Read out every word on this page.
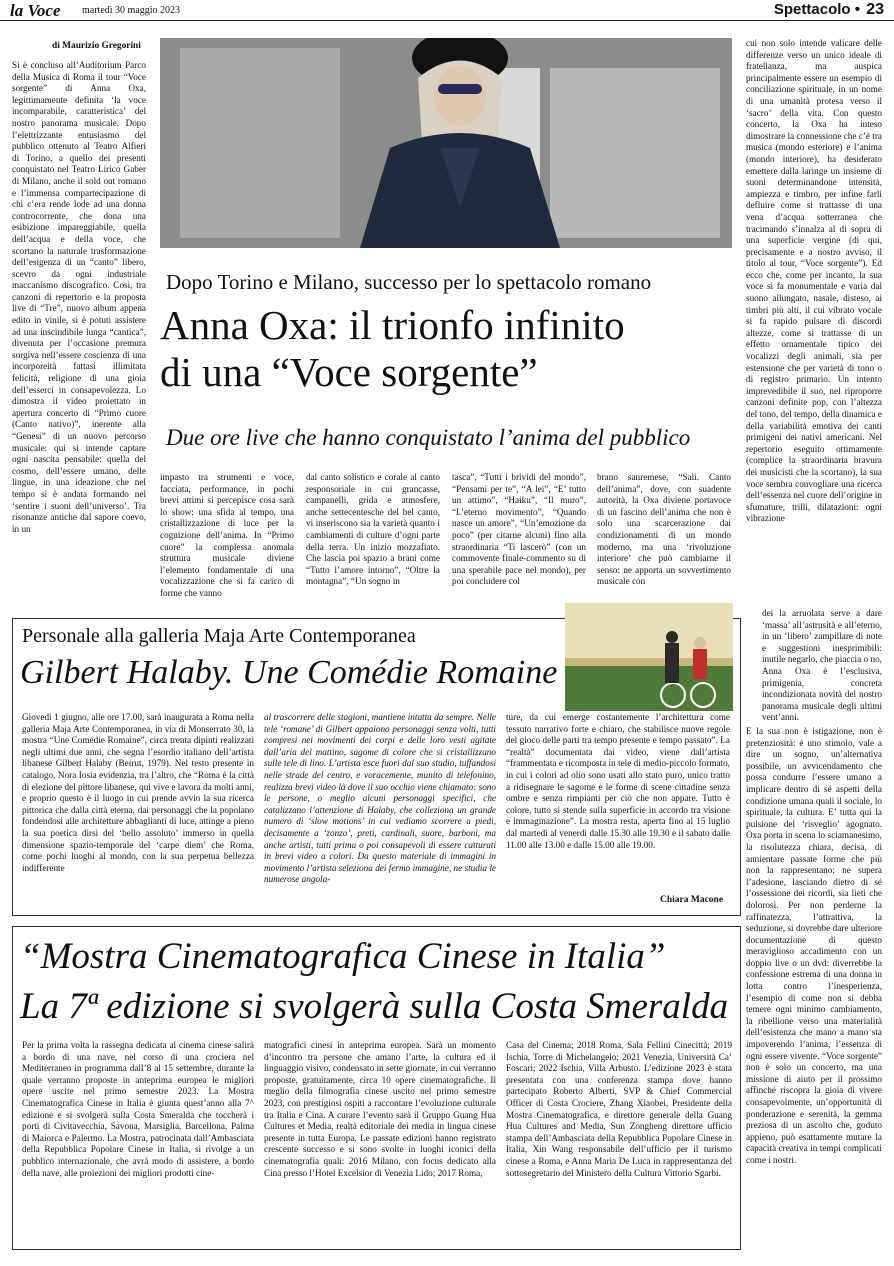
la Voce martedì 30 maggio 2023	Spettacolo • 23
di Maurizio Gregorini
Dopo Torino e Milano, successo per lo spettacolo romano
Anna Oxa: il trionfo infinito
di una “Voce sorgente”
Due ore live che hanno conquistato l’anima del pubblico
Si è concluso all’Auditorium Parco della Musica di Roma il tour “Voce sorgente” di Anna Oxa, legittimamente definita ‘la voce incomparabile, caratteristica’ del nostro panorama musicale. Dopo l’elettrizzante entusiasmo del pubblico ottenuto al Teatro Alfieri di Torino, a quello dei presenti conquistato nel Teatro Lirico Gaber di Milano, anche il sold out romano e l’immensa compartecipazione di chi c’era rende lode ad una donna controcorrente, che dona una esibizione impareggiabile, quella dell’acqua e della voce, che scortano la naturale trasformazione dell’esigenza di un “canto” libero, scevro da ogni industriale maccanismo discografico. Così, tra canzoni di repertorio e la proposta live di “Tre”, nuovo album appena edito in vinile, si è potuti assistere ad una inscindibile lunga “cantica”, divenuta per l’occasione premura sorgiva nell’essere coscienza di una incorporeità fattasi illimitata felicità, religione di una gioia dell’esserci in consapevolezza. Lo dimostra il video proiettato in apertura concerto di “Primo cuore (Canto nativo)”, inerente alla “Genesi” di un nuovo percorso musicale: qui si intende captare ogni nascita pensabile: quella del cosmo, dell’essere umano, delle lingue, in una ideazione che nel tempo si è andata formando nel ‘sentire i suoni dell’universo’. Tra risonanze antiche dal sapore coevo, in un
impasto tra strumenti e voce, facciata, performance, in pochi brevi attimi si percepisce cosa sarà lo show: una sfida al tempo, una cristallizzazione di luce per la cognizione dell’anima. In “Primo cuore” la complessa anomala struttura musicale diviene l’elemento fondamentale di una vocalizzazione che si fa carico di forme che vanno
dal canto solistico e corale al canto responsoriale in cui grancasse, campanelli, grida e atmosfere, anche settecentesche del bel canto, vi inseriscono sia la varietà quanto i cambiamenti di culture d’ogni parte della terra. Un inizio mozzafiato. Che lascia poi spazio a brani come “Tutto l’amore intorno”, “Oltre la montagna”, “Un sogno in
tasca”, “Tutti i brividi del mondo”, “Pensami per te”, “A lei”, “E’ tutto un attimo”, “Haiku”, “Il muro”, “L’eterno movimento”, “Quando nasce un amore”, “Un’emozione da poco” (per citarne alcuni) fino alla straordinaria “Ti lascerò” (con un commovente finale-commento su di una sperabile pace nel mondo), per poi concludere col
brano sanremese, “Sali. Canto dell’anima”, dove, con suadente autorità, la Oxa diviene portavoce di un fascino dell’anima che non è solo una scarcerazione dai condizionamenti di un mondo moderno, ma una ‘rivoluzione interiore’ che può cambiarne il senso: ne apporta un sovvertimento musicale con
cui non solo intende valicare delle differenze verso un unico ideale di fratellanza, ma auspica principalmente essere un esempio di conciliazione spirituale, in un nome di una umanità protesa verso il ‘sacro’ della vita. Con questo concerto, la Oxa ha inteso dimostrare la connessione che c’è tra musica (mondo esteriore) e l’anima (mondo interiore), ha desiderato emettere dalla laringe un insieme di suoni determinandone intensità, ampiezza e timbro, per infine farli defluire come si trattasse di una vena d’acqua sotterranea che tracimando s’innalza al di sopra di una superficie vergine (di qui, precisamente e a nostro avviso, il titolo al tour, “Voce sorgente”). Ed ecco che, come per incanto, la sua voce si fa monumentale e varia dal suono allungato, nasale, disteso, ai timbri più alti, il cui vibrato vocale si fa rapido pulsare di discordi altezze, come si trattasse di un effetto ornamentale tipico dei vocalizzi degli animali, sia per estensione che per varietà di tono o di registro primario. Un intento imprevedibile il suo, nel riproporre canzoni definite pop, con l’altezza del tono, del tempo, della dinamica e della variabilità emotiva dei canti primigeni dei nativi americani. Nel repertorio eseguito ottimamente (complice la straordinaria bravura dei musicisti che la scortano), la sua voce sembra convogliare una ricerca dell’essenza nel cuore dell’origine in sfumature, trilli, dilatazioni: ogni vibrazione
dei la arruolata serve a dare ‘massa’ all’astrusità e all’eterno, in un ‘libero’ zampillare di note e suggestioni inesprimibili: inutile negarlo, che piaccia o no, Anna Oxa è l’esclusiva, primigenia, concreta incondizionata novità del nostro panorama musicale degli ultimi vent’anni.
E la sua non è istigazione, non è pretenziosità: è uno stimolo, vale a dire un sogno, un’alternativa possibile, un avvicendamento che possa condurre l’essere umano a implicare dentro di sé aspetti della condizione umana quali il sociale, lo spirituale, la cultura. E’ tutta qui la pulsione del ‘risveglio’ agognato. Oxa porta in scena lo sciamanesimo, la risolutezza chiara, decisa, di annientare passate forme che più non la rappresentano; ne supera l’adesione, lasciando dietro di sé l’ossessione dei ricordi, sia lieti che dolorosi. Per non perderne la raffinatezza, l’attrattiva, la seduzione, si dovrebbe dare ulteriore documentazione di questo meraviglioso accadimento con un doppio live o un dvd: diverrebbe la confessione estrema di una donna in lotta contro l’inesperienza, l’esempio di come non si debba temere ogni minimo cambiamento, la ribellione verso una materialità dell’esistenza che mano a mano sta impoverendo l’anima, l’essenza di ogni essere vivente. “Voce sorgente” non è solo un concerto, ma una missione di aiuto per il prossimo affinché riscopra la gioia di vivere consapevolmente, un’opportunità di ponderazione e serenità, la gemma preziosa di un ascolto che, goduto appieno, può esattamente mutare la capacità creativa in tempi complicati come i nostri.
Personale alla galleria Maja Arte Contemporanea
Gilbert Halaby. Une Comédie Romaine
Giovedì 1 giugno, alle ore 17.00, sarà inaugurata a Roma nella galleria Maja Arte Contemporanea, in via di Monserrato 30, la mostra “Une Comédie Romaine”, circa trenta dipinti realizzati negli ultimi due anni, che segna l’esordio italiano dell’artista libanese Gilbert Halaby (Beirut, 1979). Nel testo presente in catalogo, Nora Iosia evidenzia, tra l’altro, che “Roma è la città di elezione del pittore libanese, qui vive e lavora da molti anni, e proprio questo è il luogo in cui prende avvio la sua ricerca pittorica che dalla città eterna, dai personaggi che la popolano fondendosi alle architetture abbaglianti di luce, attinge a pieno la sua poetica dirsi del ‘bello assoluto’ immerso in quella dimensione spazio-temporale del ‘carpe diem’ che Roma, come pochi luoghi al mondo, con la sua perpetua bellezza indifferente
al trascorrere delle stagioni, mantiene intatta da sempre. Nelle tele ‘romane’ di Gilbert appaiono personaggi senza volti, tutti compresi nei movimenti dei corpi e delle loro vesti agitate dall’aria del mattino, sagome di colore che si cristallizzano sulle tele di lino. L’artista esce fuori dal suo studio, tuffandosi nelle strade del centro, e voracemente, munito di telefonino, realizza brevi video là dove il suo occhio viene chiamato: sono le persone, o meglio alcuni personaggi specifici, che catalizzano l’attenzione di Halaby, che colleziona un grande numero di ‘slow motions’ in cui vediamo scorrere a piedi, decisamente a ‘zonzo’, preti, cardinali, suore, barboni, ma anche artisti, tutti prima o poi consapevoli di essere catturati in brevi video a colori. Da questo materiale di immagini in movimento l’artista seleziona dei fermo immagine, ne studia le numerose angola-
ture, da cui emerge costantemente l’architettura come tessuto narrativo forte e chiaro, che stabilisce nuove regole del gioco delle parti tra tempo presente e tempo passato”. La “realtà” documentata dai video, viene dall’artista “frammentata e ricomposta in tele di medio-piccolo formato, in cui i colori ad olio sono usati allo stato puro, unico tratto a ridisegnare le sagome e le forme di scene cittadine senza ombre e senza rimpianti per ciò che non appare. Tutto è colore, tutto si stende sulla superficie in accordo tra visione e immaginazione”. La mostra resta, aperta fino al 15 luglio dal martedì al venerdì dalle 15.30 alle 19.30 e il sabato dalle 11.00 alle 13.00 e dalle 15.00 alle 19.00.
Chiara Macone
“Mostra Cinematografica Cinese in Italia”
La 7ª edizione si svolgerà sulla Costa Smeralda
Per la prima volta la rassegna dedicata al cinema cinese salirà a bordo di una nave, nel corso di una crociera nel Mediterraneo in programma dall’8 al 15 settembre, durante la quale verranno proposte in anteprima europea le migliori opere uscite nel primo semestre 2023. La Mostra Cinematografica Cinese in Italia è giunta quest’anno alla 7^ edizione e si svolgerà sulla Costa Smeralda che toccherà i porti di Civitavecchia, Savona, Marsiglia, Barcellona, Palma di Maiorca e Palermo. La Mostra, patrocinata dall’Ambasciata della Repubblica Popolare Cinese in Italia, si rivolge a un pubblico internazionale, che avrà modo di assistere, a bordo della nave, alle proiezioni dei migliori prodotti cine-
matografici cinesi in anteprima europea. Sarà un momento d’incontro tra persone che amano l’arte, la cultura ed il linguaggio visivo, condensato in sette giornate, in cui verranno proposte, gratuitamente, circa 10 opere cinematografiche. Il meglio della filmografia cinese uscito nel primo semestre 2023, con prestigiosi ospiti a raccontare l’evoluzione culturale tra Italia e Cina. A curare l’evento sarà il Gruppo Guang Hua Cultures et Media, realtà editoriale dei media in lingua cinese presente in tutta Europa. Le passate edizioni hanno registrato crescente successo e si sono svolte in luoghi iconici della cinematografia quali: 2016 Milano, con focus dedicato alla Cina presso l’Hotel Excelsior di Venezia Lido; 2017 Roma,
Casa del Cinema; 2018 Roma, Sala Fellini Cinecittà; 2019 Ischia, Torre di Michelangelo; 2021 Venezia, Università Ca’ Foscari; 2022 Ischia, Villa Arbusto. L’edizione 2023 è stata presentata con una conferenza stampa dove hanno partecipato Roberto Alberti, SVP & Chief Commercial Officer di Costa Crociere, Zhang Xiaobei, Presidente della Mostra Cinematografica, e direttore generale della Guang Hua Cultures and Media, Sun Zongheng direttore ufficio stampa dell’Ambasciata della Repubblica Popolare Cinese in Italia, Xin Wang responsabile dell’ufficio per il turismo cinese a Roma, e Anna Maria De Luca in rappresentanza del sottosegretario del Ministero della Cultura Vittorio Sgarbi.
